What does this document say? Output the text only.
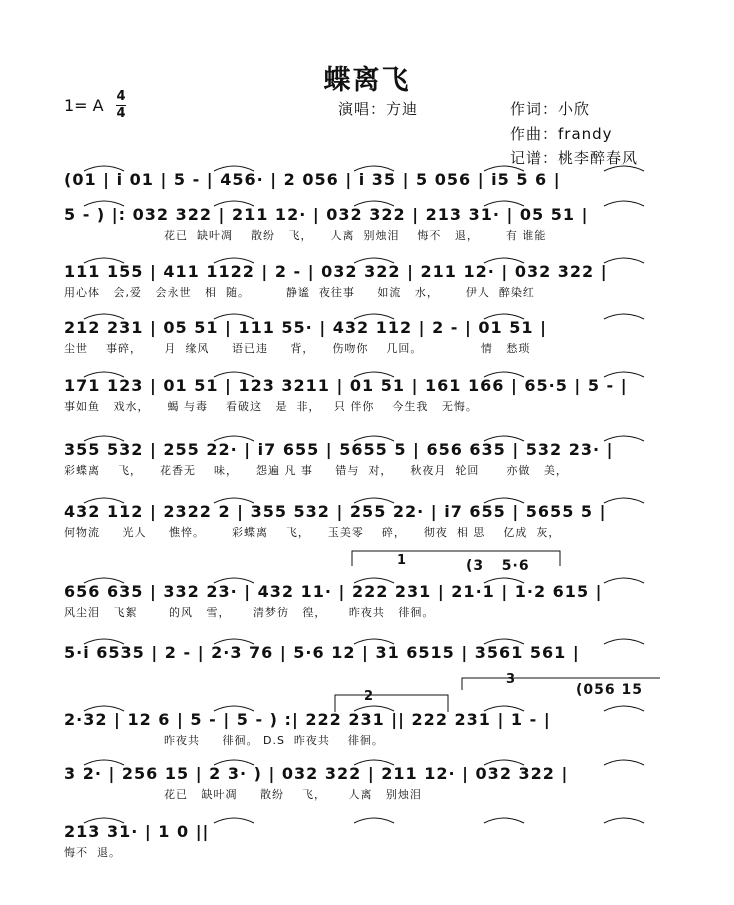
蝶离飞
1= A 4
4	演唱：方迪	作词：小欣
作曲：frandy
记谱：桃李醉春风
1
2
3
(3   5·6
(056 15
(01 | i 01 | 5 - | 456· | 2 056 | i 35 | 5 056 | i5 5 6 |
5 - ) |: 032 322 | 211 12· | 032 322 | 213 31· | 05 51 |
花已  缺叶凋    散纷   飞，    人离  别烛泪    悔不   退，      有 谁能
111 155 | 411 1122 | 2 - | 032 322 | 211 12· | 032 322 |
用心体   会,爱   会永世   相  随。        静谧  夜往事     如流   水，      伊人  醉染红
212 231 | 05 51 | 111 55· | 432 112 | 2 - | 01 51 |
尘世    事碎，     月  缘风     语已违     背，    伤吻你    几回。             情   愁琐
171 123 | 01 51 | 123 3211 | 01 51 | 161 166 | 65·5 | 5 - |
事如鱼   戏水，    蝎 与毒    看破这   是  非，   只 伴你    今生我   无悔。
355 532 | 255 22· | i7 655 | 5655 5 | 656 635 | 532 23· |
彩蝶离    飞，    花香无    味，    怨遍 凡 事     错与  对，    秋夜月  轮回      亦做   美，
432 112 | 2322 2 | 355 532 | 255 22· | i7 655 | 5655 5 |
何物流     光人     憔悴。      彩蝶离    飞，    玉美零    碎，    彻夜  相 思    亿成  灰，
656 635 | 332 23· | 432 11· | 222 231 | 21·1 | 1·2 615 |
风尘泪   飞絮       的风   雪，     清梦彷   徨，     昨夜共   徘徊。
5·i 6535 | 2 - | 2·3 76 | 5·6 12 | 31 6515 | 3561 561 |
2·32 | 12 6 | 5 - | 5 - ) :| 222 231 || 222 231 | 1 - |
昨夜共     徘徊。 D.S  昨夜共    徘徊。
3 2· | 256 15 | 2 3· ) | 032 322 | 211 12· | 032 322 |
花已   缺叶凋     散纷    飞，     人离   别烛泪
213 31· | 1 0 ||
悔不  退。
